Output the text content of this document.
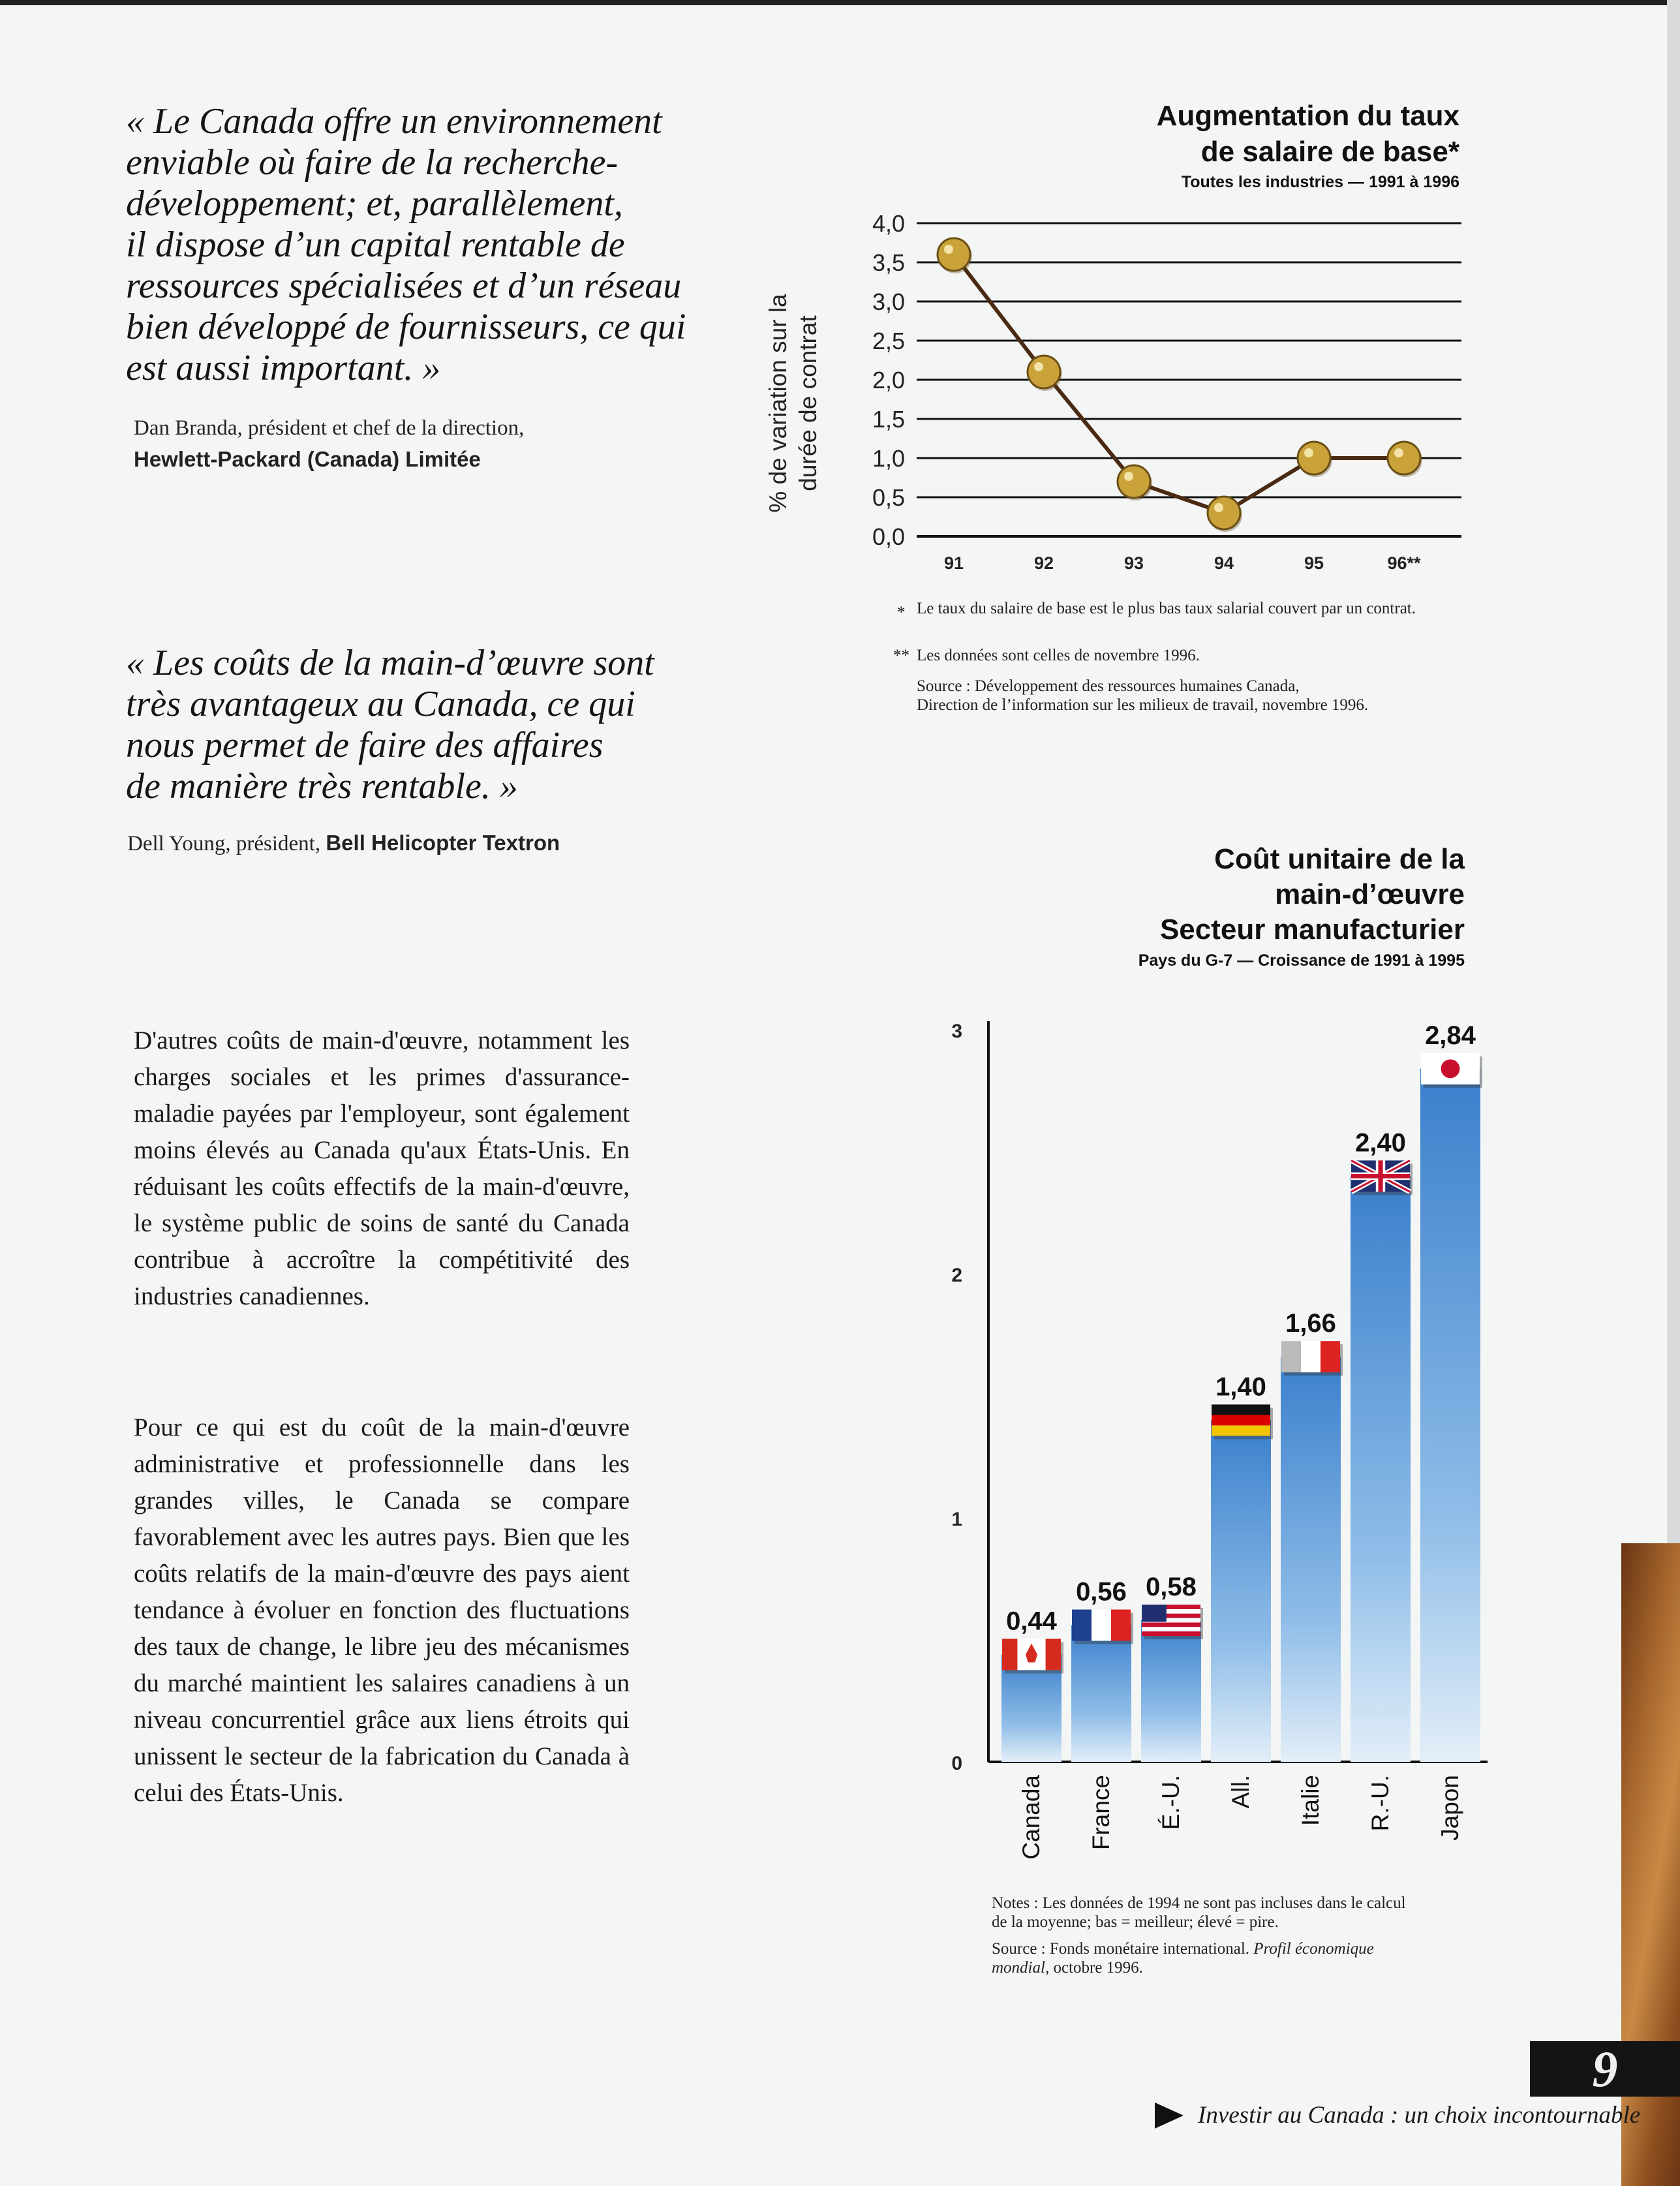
« Le Canada offre un environnement
enviable où faire de la recherche-
développement; et, parallèlement,
il dispose d’un capital rentable de
ressources spécialisées et d’un réseau
bien développé de fournisseurs, ce qui
est aussi important. »

Dan Branda, président et chef de la direction,
Hewlett-Packard (Canada) Limitée

« Les coûts de la main-d’œuvre sont
très avantageux au Canada, ce qui
nous permet de faire des affaires
de manière très rentable. »

Dell Young, président, Bell Helicopter Textron

D'autres coûts de main-d'œuvre, notamment les charges sociales et les primes d'assurance-maladie payées par l'employeur, sont également moins élevés au Canada qu'aux États-Unis. En réduisant les coûts effectifs de la main-d'œuvre, le système public de soins de santé du Canada contribue à accroître la compétitivité des industries canadiennes.

Pour ce qui est du coût de la main-d'œuvre administrative et professionnelle dans les grandes villes, le Canada se compare favorablement avec les autres pays. Bien que les coûts relatifs de la main-d'œuvre des pays aient tendance à évoluer en fonction des fluctuations des taux de change, le libre jeu des mécanismes du marché maintient les salaires canadiens à un niveau concurrentiel grâce aux liens étroits qui unissent le secteur de la fabrication du Canada à celui des États-Unis.

Augmentation du taux
de salaire de base*
Toutes les industries — 1991 à 1996
% de variation sur la durée de contrat
0,0
0,5
1,0
1,5
2,0
2,5
3,0
3,5
4,0
91	92	93	94	95	96**
* Le taux du salaire de base est le plus bas taux salarial couvert par un contrat.
** Les données sont celles de novembre 1996.
Source : Développement des ressources humaines Canada,
Direction de l’information sur les milieux de travail, novembre 1996.
Coût unitaire de la
main-d’œuvre
Secteur manufacturier
Pays du G-7 — Croissance de 1991 à 1995
0
1
2
3
0,44
Canada
0,56
France
0,58
É.-U.
1,40
All.
1,66
Italie
2,40
R.-U.
2,84
Japon
Notes : Les données de 1994 ne sont pas incluses dans le calcul
de la moyenne; bas = meilleur; élevé = pire.
Source : Fonds monétaire international. Profil économique
mondial, octobre 1996.
9
Investir au Canada : un choix incontournable
